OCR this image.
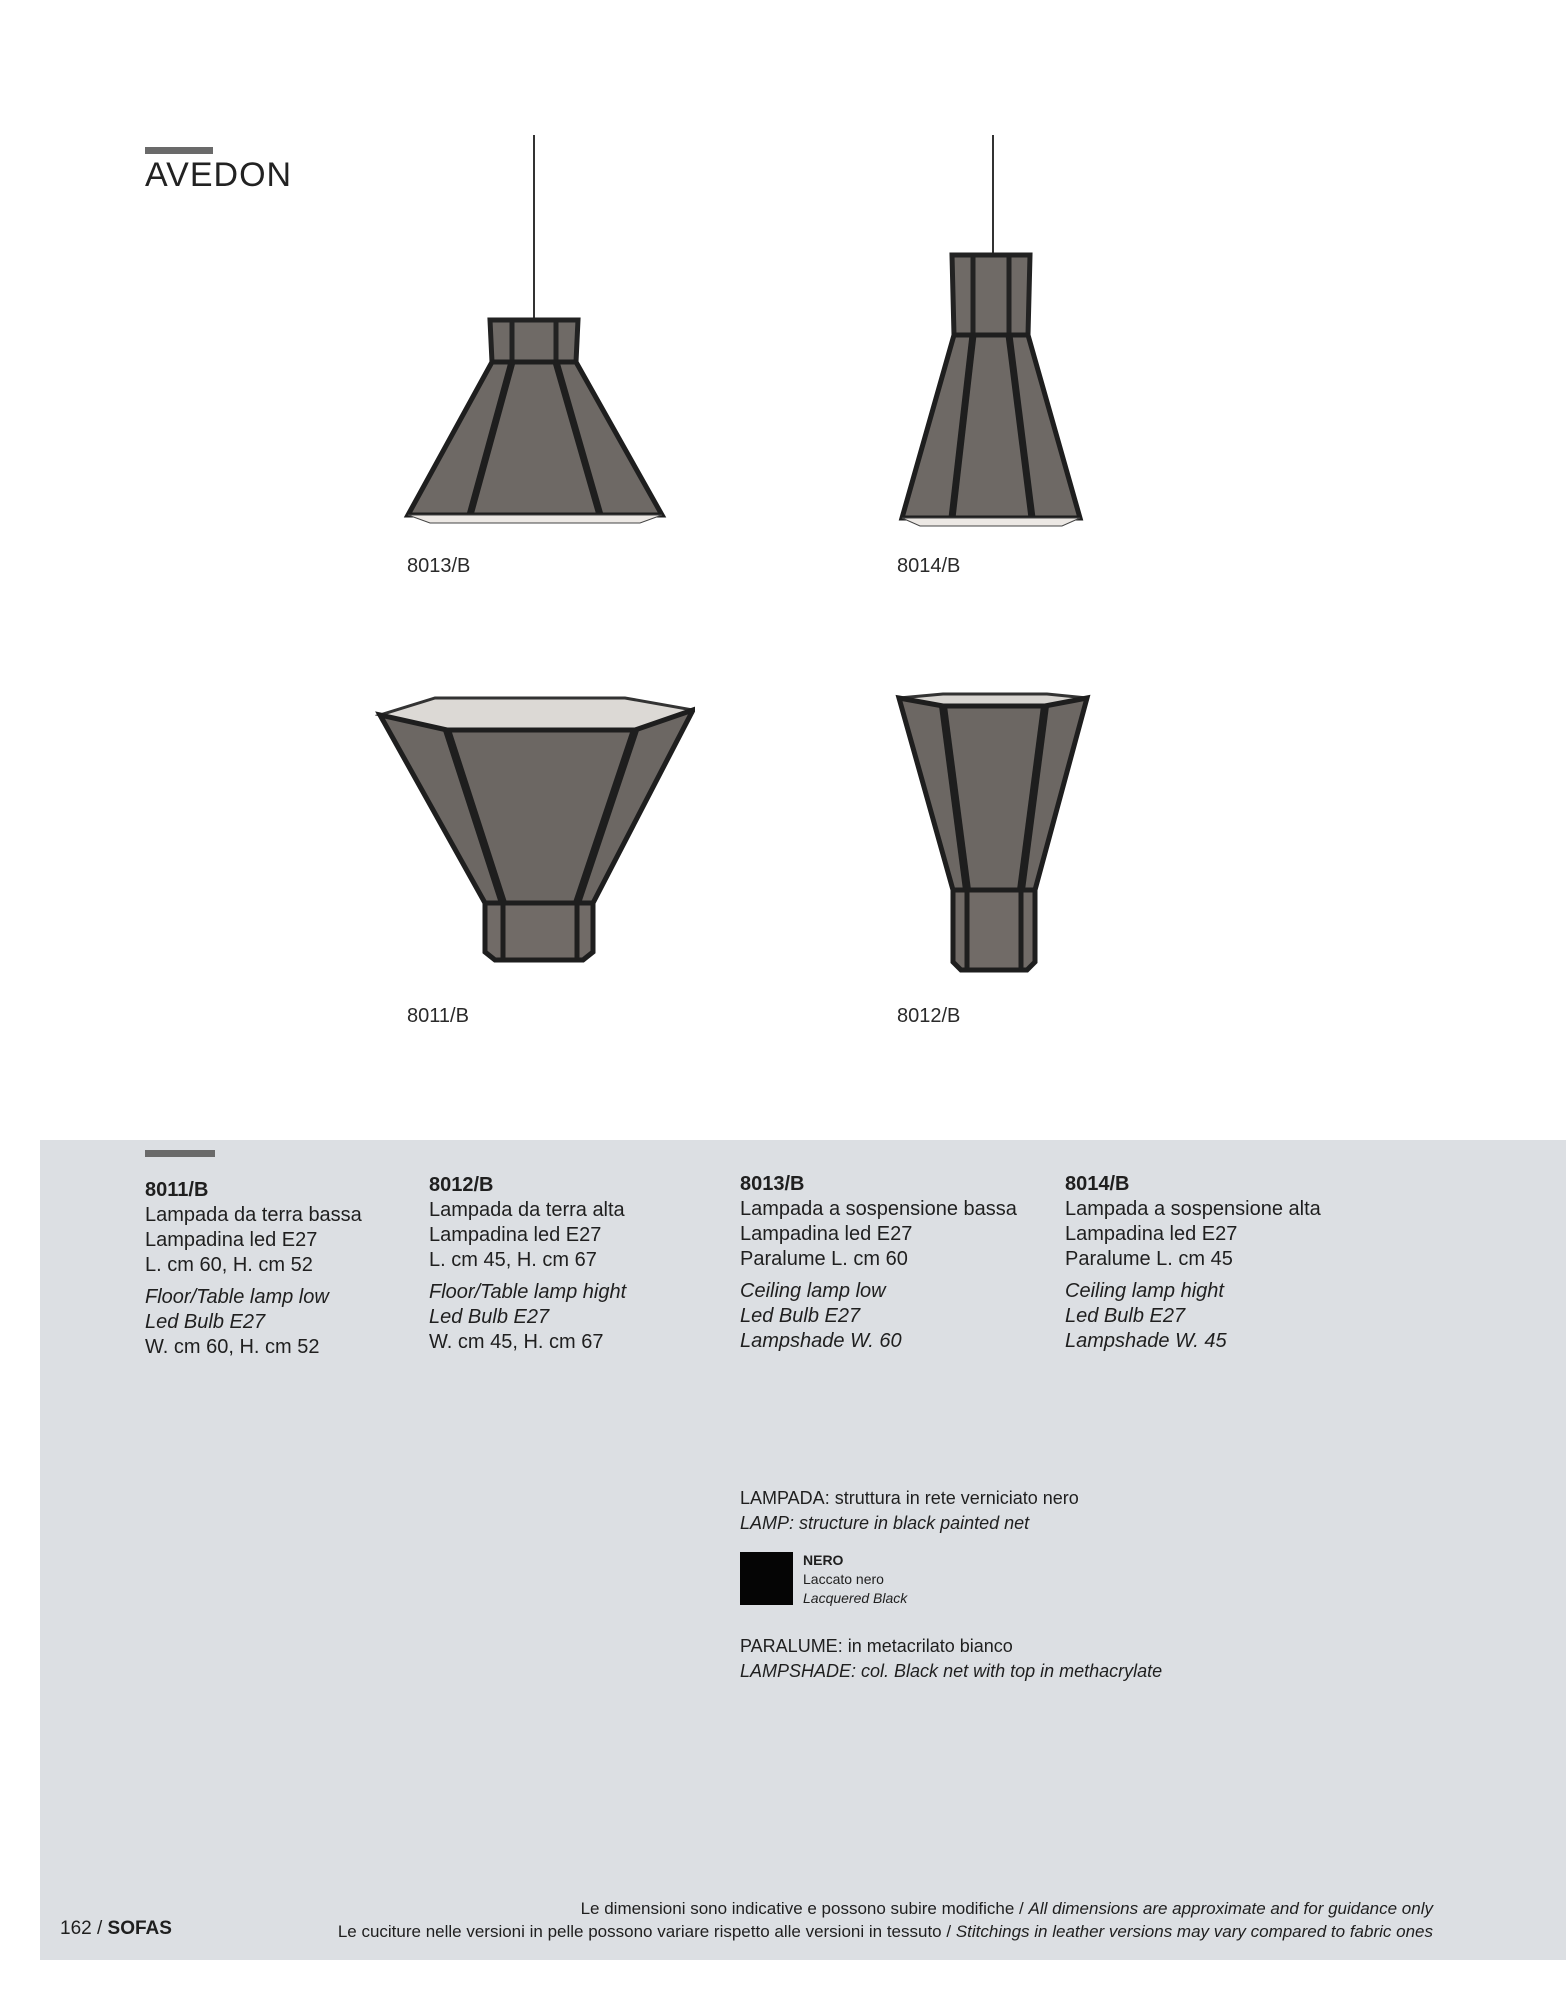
AVEDON
8013/B	8014/B
8011/B	8012/B
8011/B
Lampada da terra bassa
Lampadina led E27
L. cm 60, H. cm 52
Floor/Table lamp low
Led Bulb E27
W. cm 60, H. cm 52
8012/B
Lampada da terra alta
Lampadina led E27
L. cm 45, H. cm 67
Floor/Table lamp hight
Led Bulb E27
W. cm 45, H. cm 67
8013/B
Lampada a sospensione bassa
Lampadina led E27
Paralume L. cm 60
Ceiling lamp low
Led Bulb E27
Lampshade W. 60
8014/B
Lampada a sospensione alta
Lampadina led E27
Paralume L. cm 45
Ceiling lamp hight
Led Bulb E27
Lampshade W. 45
LAMPADA: struttura in rete verniciato nero
LAMP: structure in black painted net
NERO
Laccato nero
Lacquered Black
PARALUME: in metacrilato bianco
LAMPSHADE: col. Black net with top in methacrylate
162 / SOFAS
Le dimensioni sono indicative e possono subire modifiche / All dimensions are approximate and for guidance only
Le cuciture nelle versioni in pelle possono variare rispetto alle versioni in tessuto / Stitchings in leather versions may vary compared to fabric ones
